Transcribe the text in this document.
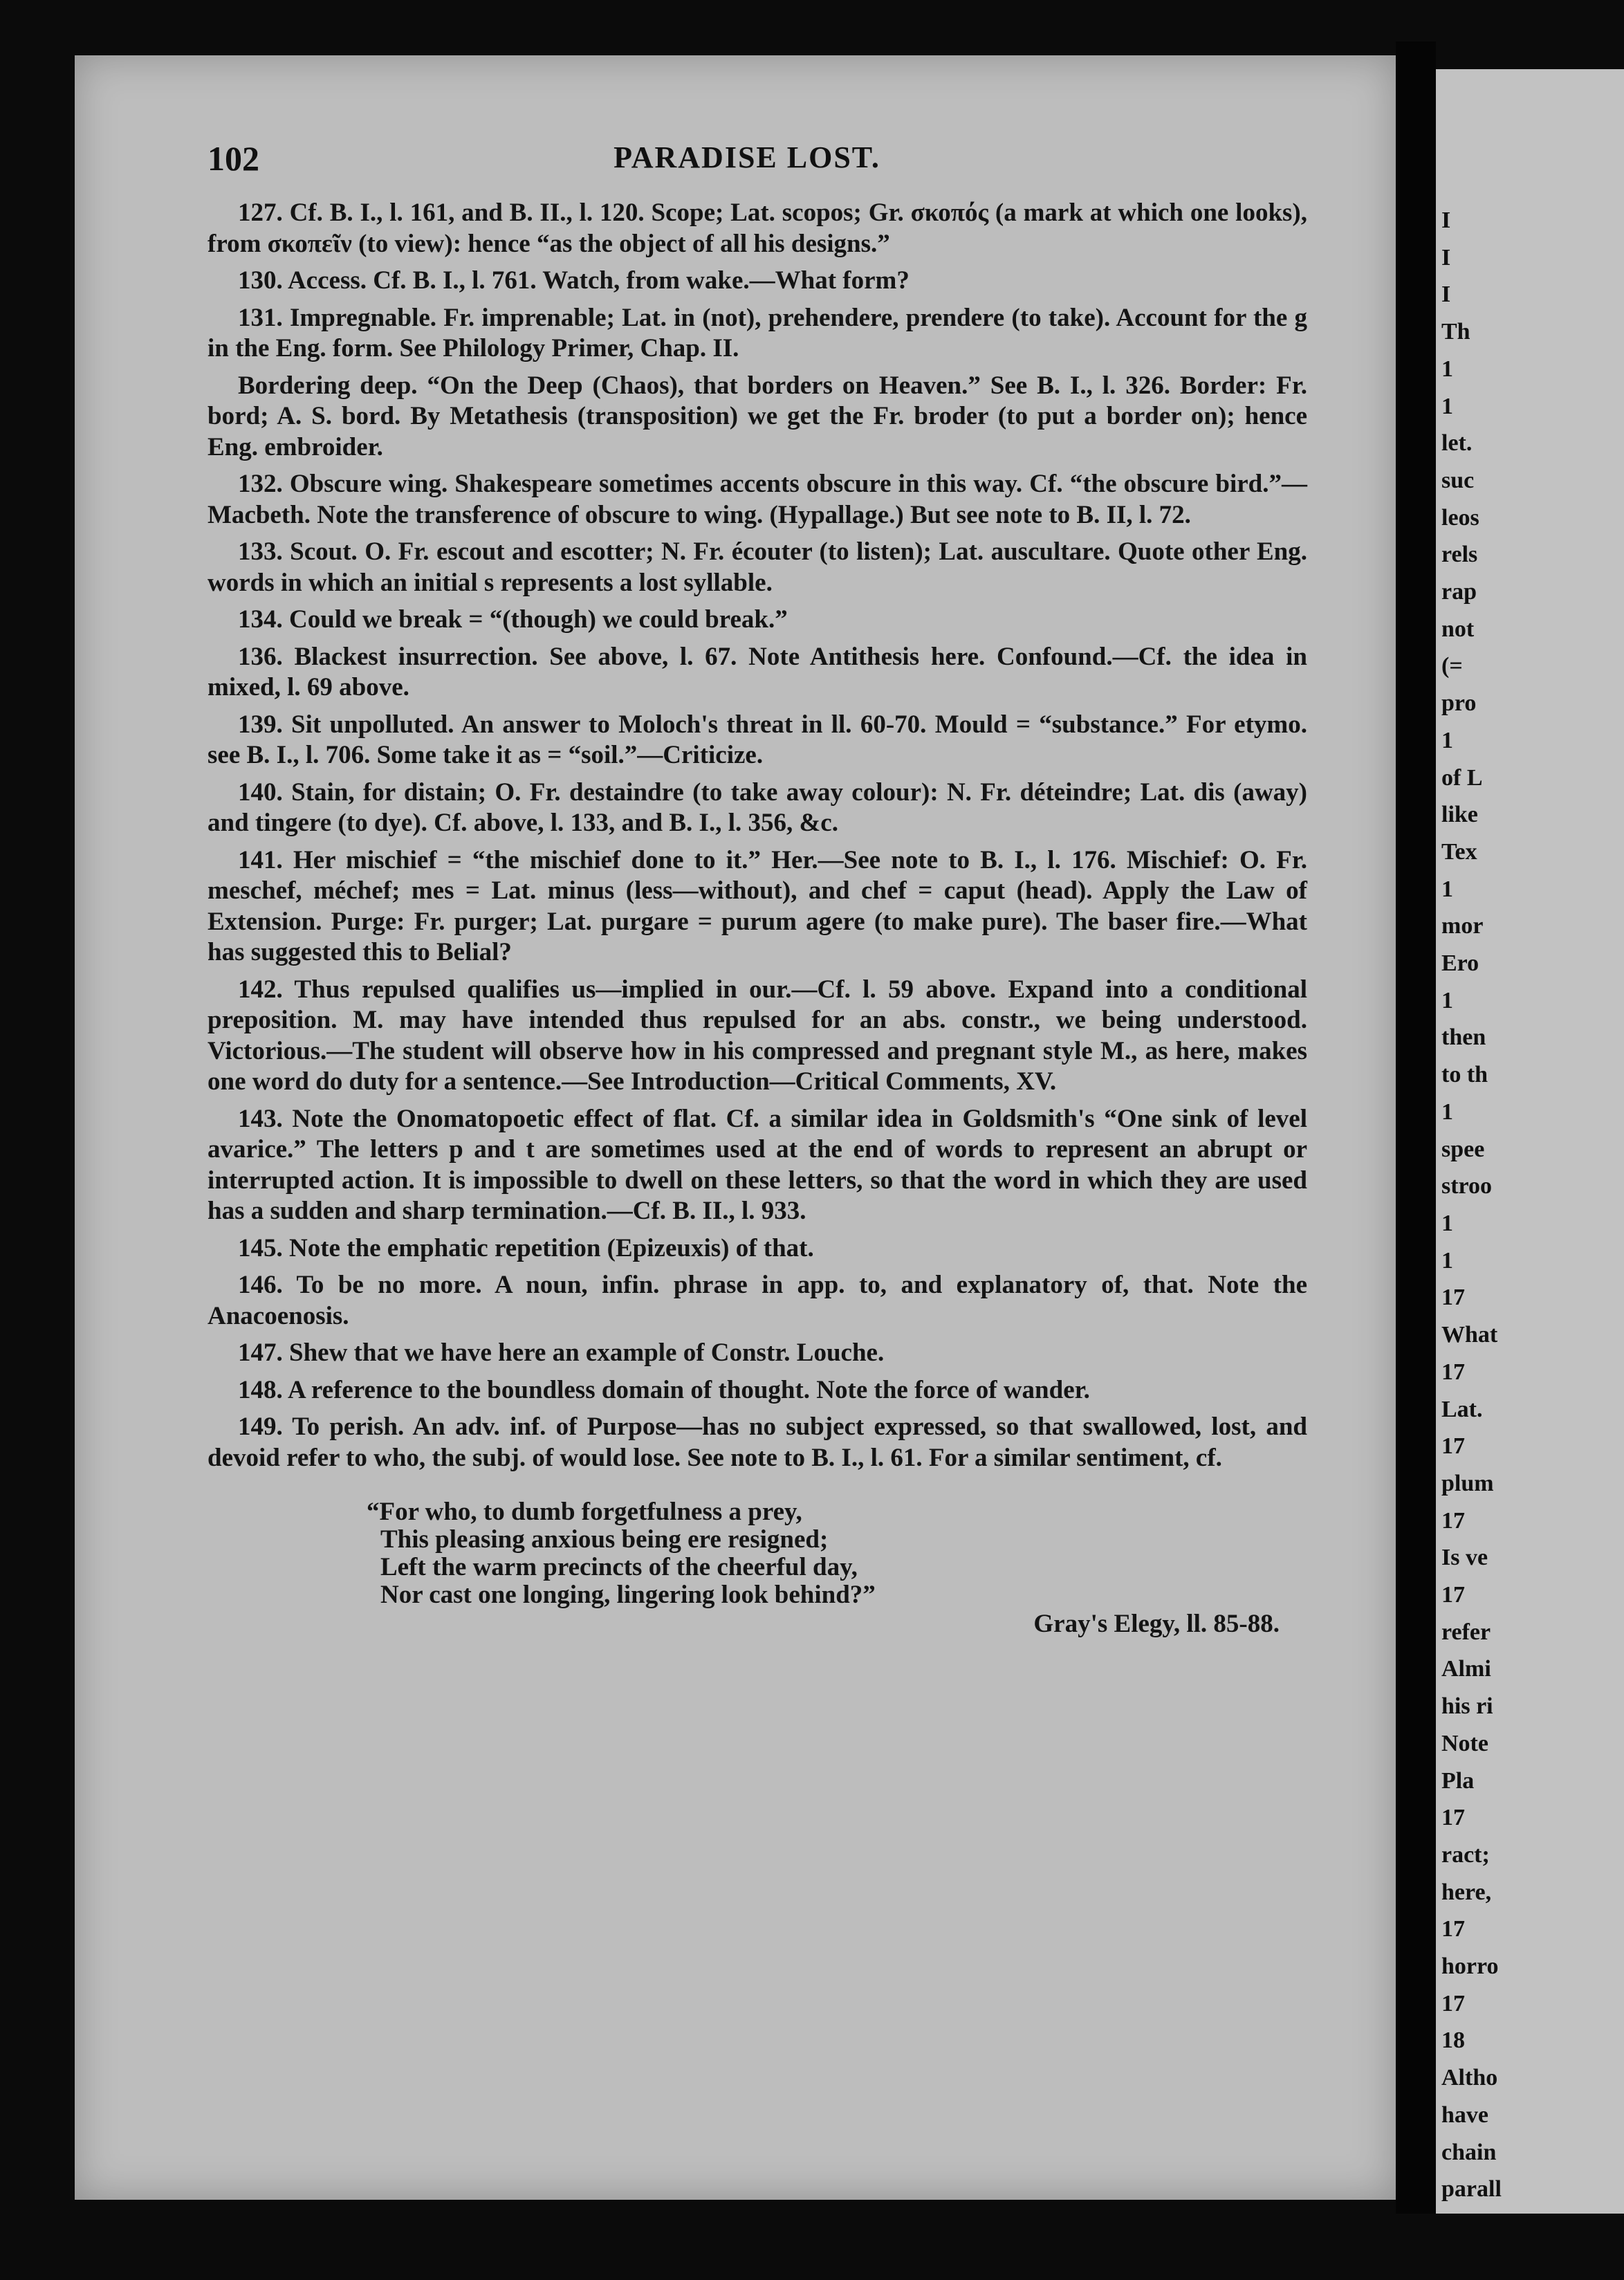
I
I
I
Th
1
1
let.
suc
leos
rels
rap
not
(=
pro
1
of L
like
Tex
1
mor
Ero
1
then
to th
1
spee
stroo
1
1
17
What
17
Lat.
17
plum
17
Is ve
17
refer
Almi
his ri
Note
Pla
17
ract;
here,
17
horro
17
18
Altho
have
chain
parall
102	PARADISE LOST.

127. Cf. B. I., l. 161, and B. II., l. 120. Scope; Lat. scopos; Gr. σκοπός (a mark at which one looks), from σκοπεῖν (to view): hence “as the object of all his designs.”

130. Access. Cf. B. I., l. 761. Watch, from wake.—What form?

131. Impregnable. Fr. imprenable; Lat. in (not), prehendere, prendere (to take). Account for the g in the Eng. form. See Philology Primer, Chap. II.

Bordering deep. “On the Deep (Chaos), that borders on Heaven.” See B. I., l. 326. Border: Fr. bord; A. S. bord. By Metathesis (transposition) we get the Fr. broder (to put a border on); hence Eng. embroider.

132. Obscure wing. Shakespeare sometimes accents obscure in this way. Cf. “the obscure bird.”—Macbeth. Note the transference of obscure to wing. (Hypallage.) But see note to B. II, l. 72.

133. Scout. O. Fr. escout and escotter; N. Fr. écouter (to listen); Lat. auscultare. Quote other Eng. words in which an initial s represents a lost syllable.

134. Could we break = “(though) we could break.”

136. Blackest insurrection. See above, l. 67. Note Antithesis here. Confound.—Cf. the idea in mixed, l. 69 above.

139. Sit unpolluted. An answer to Moloch's threat in ll. 60-70. Mould = “substance.” For etymo. see B. I., l. 706. Some take it as = “soil.”—Criticize.

140. Stain, for distain; O. Fr. destaindre (to take away colour): N. Fr. déteindre; Lat. dis (away) and tingere (to dye). Cf. above, l. 133, and B. I., l. 356, &c.

141. Her mischief = “the mischief done to it.” Her.—See note to B. I., l. 176. Mischief: O. Fr. meschef, méchef; mes = Lat. minus (less—without), and chef = caput (head). Apply the Law of Extension. Purge: Fr. purger; Lat. purgare = purum agere (to make pure). The baser fire.—What has suggested this to Belial?

142. Thus repulsed qualifies us—implied in our.—Cf. l. 59 above. Expand into a conditional preposition. M. may have intended thus repulsed for an abs. constr., we being understood. Victorious.—The student will observe how in his compressed and pregnant style M., as here, makes one word do duty for a sentence.—See Introduction—Critical Comments, XV.

143. Note the Onomatopoetic effect of flat. Cf. a similar idea in Goldsmith's “One sink of level avarice.” The letters p and t are sometimes used at the end of words to represent an abrupt or interrupted action. It is impossible to dwell on these letters, so that the word in which they are used has a sudden and sharp termination.—Cf. B. II., l. 933.

145. Note the emphatic repetition (Epizeuxis) of that.

146. To be no more. A noun, infin. phrase in app. to, and explanatory of, that. Note the Anacoenosis.

147. Shew that we have here an example of Constr. Louche.

148. A reference to the boundless domain of thought. Note the force of wander.

149. To perish. An adv. inf. of Purpose—has no subject expressed, so that swallowed, lost, and devoid refer to who, the subj. of would lose. See note to B. I., l. 61. For a similar sentiment, cf.

“For who, to dumb forgetfulness a prey,
This pleasing anxious being ere resigned;
Left the warm precincts of the cheerful day,
Nor cast one longing, lingering look behind?”
Gray's Elegy, ll. 85-88.
